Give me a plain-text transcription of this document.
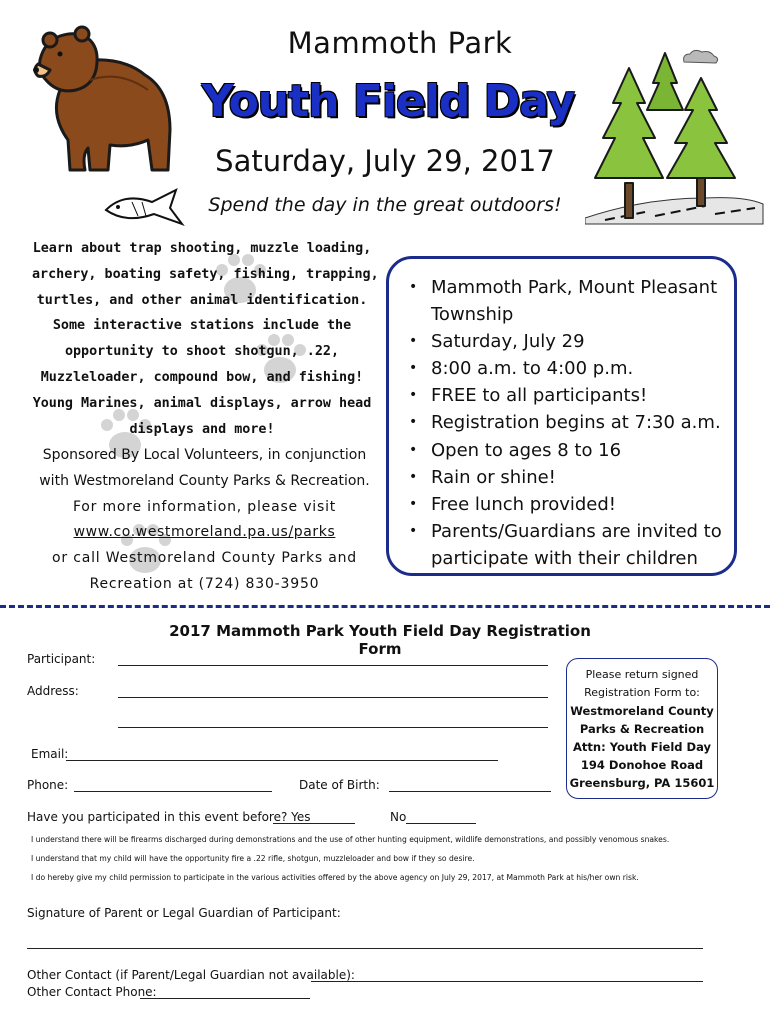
Mammoth Park
Youth Field Day
Saturday, July 29, 2017
Spend the day in the great outdoors!
Learn about trap shooting, muzzle loading,
archery, boating safety, fishing, trapping,
turtles, and other animal identification.
Some interactive stations include the
opportunity to shoot shotgun, .22,
Muzzleloader, compound bow, and fishing!
Young Marines, animal displays, arrow head
displays and more!
Sponsored By Local Volunteers, in conjunction
with Westmoreland County Parks & Recreation.
For more information, please visit
www.co.westmoreland.pa.us/parks
or call Westmoreland County Parks and
Recreation at (724) 830-3950
• Mammoth Park, Mount Pleasant Township
• Saturday, July 29
• 8:00 a.m. to 4:00 p.m.
• FREE to all participants!
• Registration begins at 7:30 a.m.
• Open to ages 8 to 16
• Rain or shine!
• Free lunch provided!
• Parents/Guardians are invited to participate with their children
2017 Mammoth Park Youth Field Day Registration Form
Participant:
Address:
Email:
Phone:	Date of Birth:
Have you participated in this event before? Yes	No
I understand there will be firearms discharged during demonstrations and the use of other hunting equipment, wildlife demonstrations, and possibly venomous snakes.
I understand that my child will have the opportunity fire a .22 rifle, shotgun, muzzleloader and bow if they so desire.
I do hereby give my child permission to participate in the various activities offered by the above agency on July 29, 2017, at Mammoth Park at his/her own risk.
Signature of Parent or Legal Guardian of Participant:
Other Contact (if Parent/Legal Guardian not available):
Other Contact Phone:
Please return signed
Registration Form to:
Westmoreland County
Parks & Recreation
Attn: Youth Field Day
194 Donohoe Road
Greensburg, PA 15601
